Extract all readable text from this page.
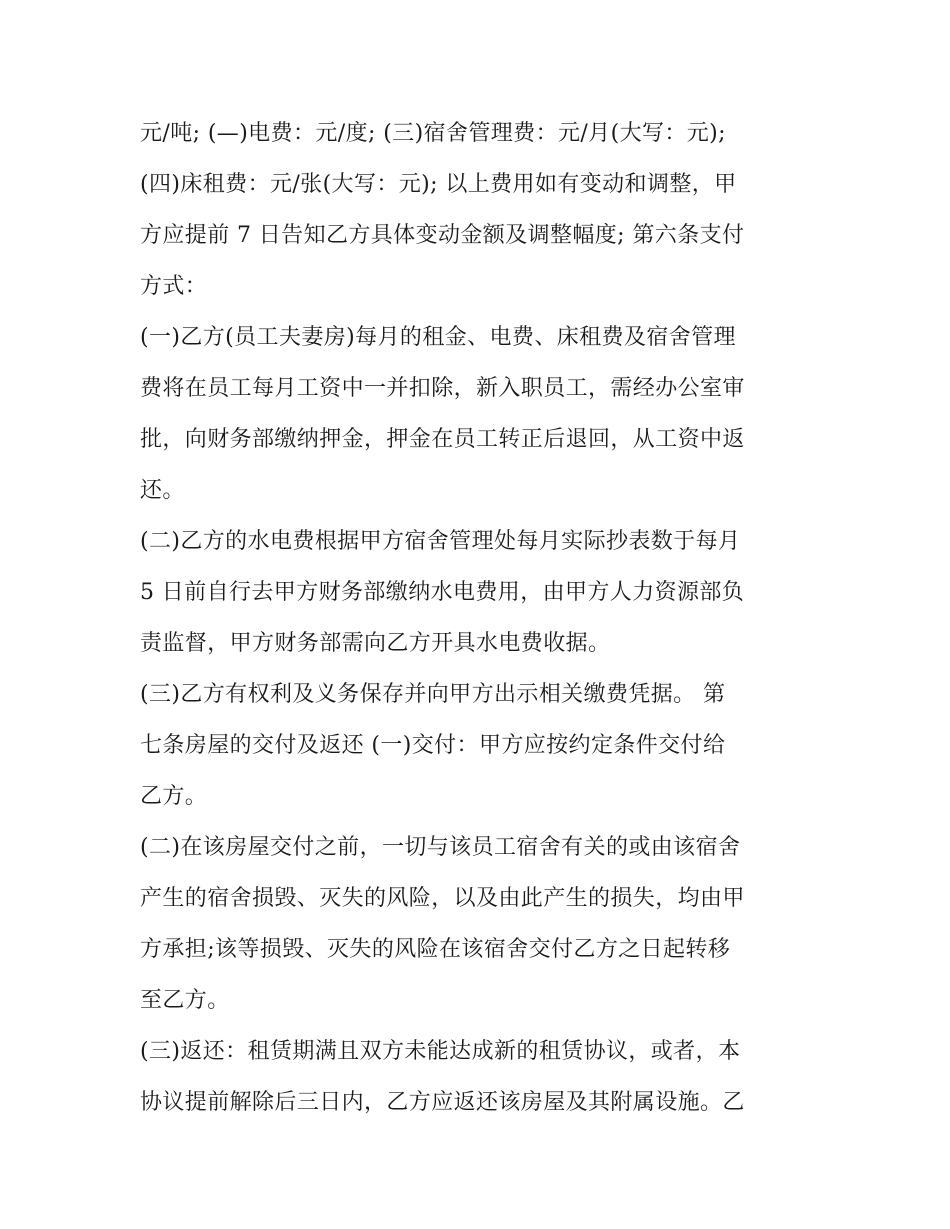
元/吨; (—)电费：元/度; (三)宿舍管理费：元/月(大写：元);
(四)床租费：元/张(大写：元); 以上费用如有变动和调整，甲
方应提前 7 日告知乙方具体变动金额及调整幅度; 第六条支付
方式：
(一)乙方(员工夫妻房)每月的租金、电费、床租费及宿舍管理
费将在员工每月工资中一并扣除，新入职员工，需经办公室审
批，向财务部缴纳押金，押金在员工转正后退回，从工资中返
还。
(二)乙方的水电费根据甲方宿舍管理处每月实际抄表数于每月
5 日前自行去甲方财务部缴纳水电费用，由甲方人力资源部负
责监督，甲方财务部需向乙方开具水电费收据。
(三)乙方有权利及义务保存并向甲方出示相关缴费凭据。 第
七条房屋的交付及返还 (一)交付：甲方应按约定条件交付给
乙方。
(二)在该房屋交付之前，一切与该员工宿舍有关的或由该宿舍
产生的宿舍损毁、灭失的风险，以及由此产生的损失，均由甲
方承担;该等损毁、灭失的风险在该宿舍交付乙方之日起转移
至乙方。
(三)返还：租赁期满且双方未能达成新的租赁协议，或者，本
协议提前解除后三日内，乙方应返还该房屋及其附属设施。乙
